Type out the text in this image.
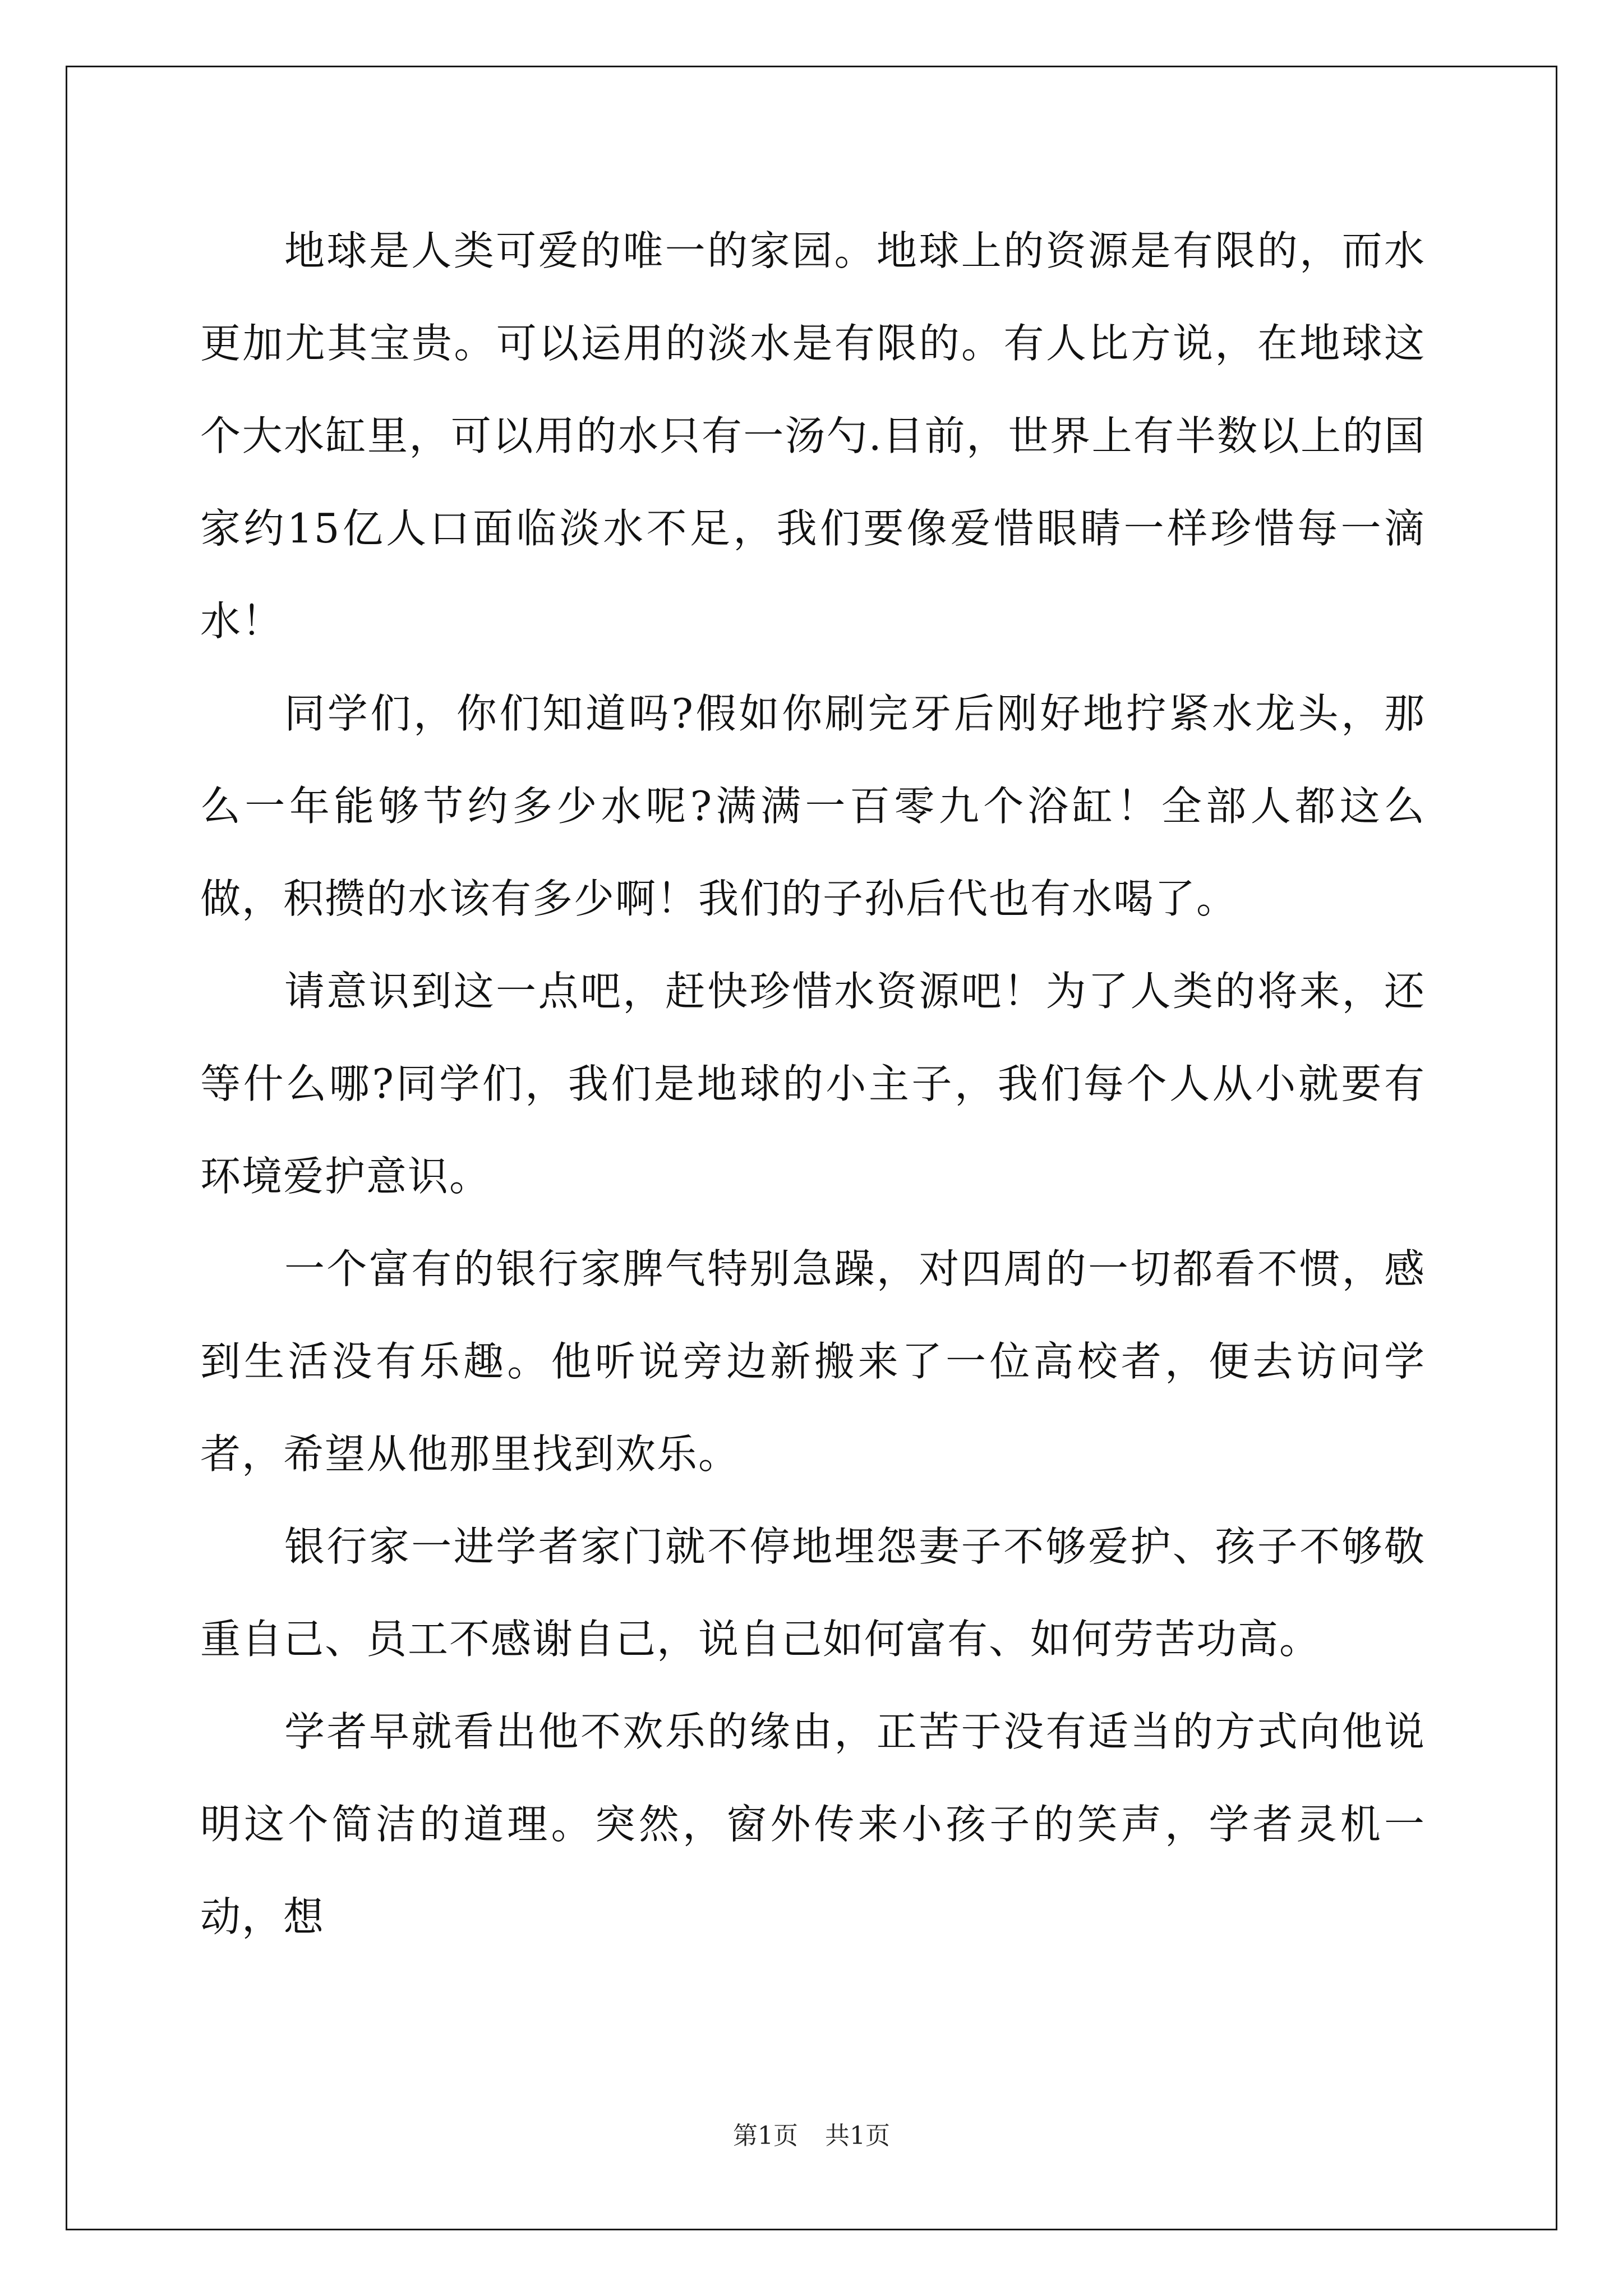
地球是人类可爱的唯一的家园。地球上的资源是有限的，而水更加尤其宝贵。可以运用的淡水是有限的。有人比方说，在地球这个大水缸里，可以用的水只有一汤勺.目前，世界上有半数以上的国家约15亿人口面临淡水不足，我们要像爱惜眼睛一样珍惜每一滴水！

同学们，你们知道吗?假如你刷完牙后刚好地拧紧水龙头，那么一年能够节约多少水呢?满满一百零九个浴缸！全部人都这么做，积攒的水该有多少啊！我们的子孙后代也有水喝了。

请意识到这一点吧，赶快珍惜水资源吧！为了人类的将来，还等什么哪?同学们，我们是地球的小主子，我们每个人从小就要有环境爱护意识。

一个富有的银行家脾气特别急躁，对四周的一切都看不惯，感到生活没有乐趣。他听说旁边新搬来了一位高校者，便去访问学者，希望从他那里找到欢乐。

银行家一进学者家门就不停地埋怨妻子不够爱护、孩子不够敬重自己、员工不感谢自己，说自己如何富有、如何劳苦功高。

学者早就看出他不欢乐的缘由，正苦于没有适当的方式向他说明这个简洁的道理。突然，窗外传来小孩子的笑声，学者灵机一动，想

第1页 共1页
